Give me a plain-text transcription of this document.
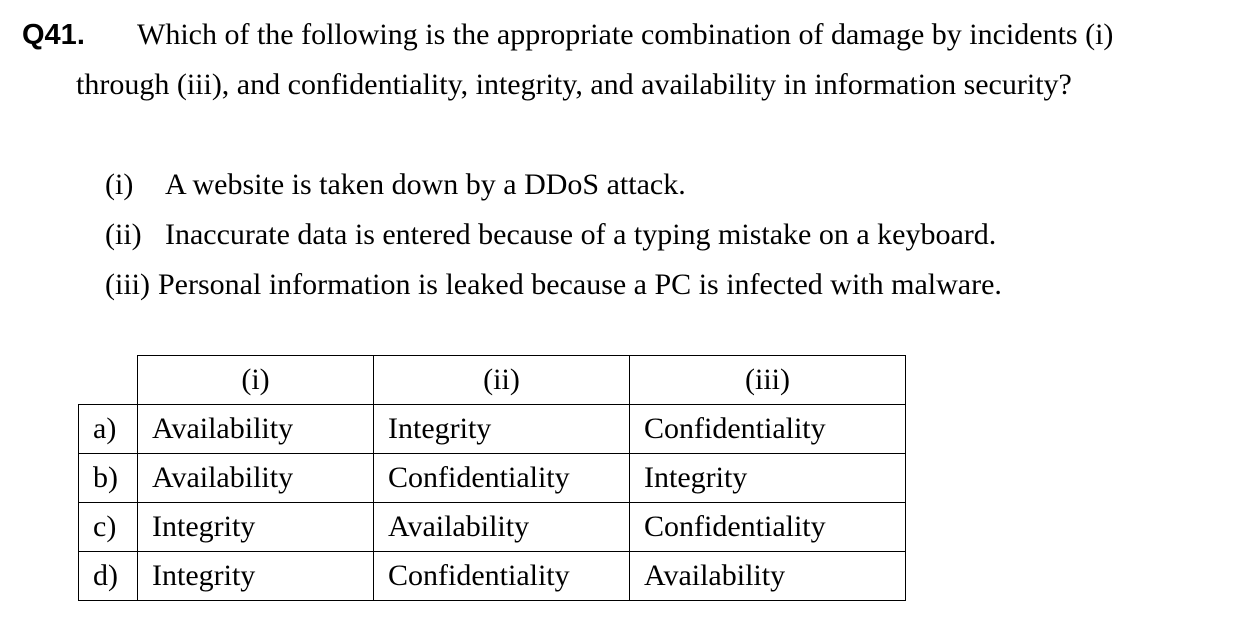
Q41. Which of the following is the appropriate combination of damage by incidents (i)
through (iii), and confidentiality, integrity, and availability in information security?
(i)	A website is taken down by a DDoS attack.
(ii) Inaccurate data is entered because of a typing mistake on a keyboard.
(iii) Personal information is leaked because a PC is infected with malware.
	(i)	(ii)	(iii)
a)	Availability	Integrity	Confidentiality
b)	Availability	Confidentiality	Integrity
c)	Integrity	Availability	Confidentiality
d)	Integrity	Confidentiality	Availability
